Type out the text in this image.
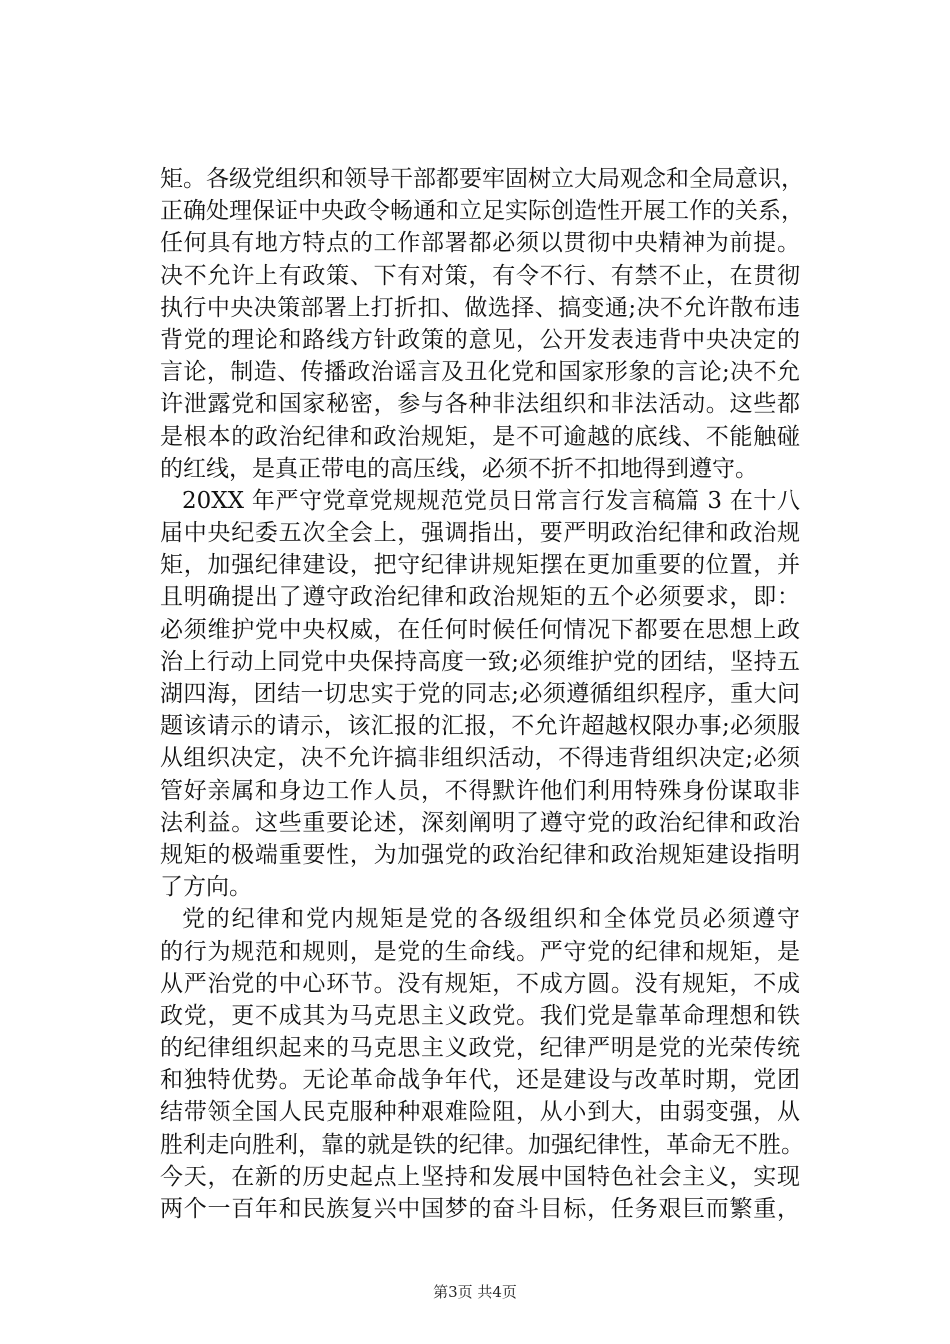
矩。各级党组织和领导干部都要牢固树立大局观念和全局意识，
正确处理保证中央政令畅通和立足实际创造性开展工作的关系，
任何具有地方特点的工作部署都必须以贯彻中央精神为前提。
决不允许上有政策、下有对策，有令不行、有禁不止，在贯彻
执行中央决策部署上打折扣、做选择、搞变通;决不允许散布违
背党的理论和路线方针政策的意见，公开发表违背中央决定的
言论，制造、传播政治谣言及丑化党和国家形象的言论;决不允
许泄露党和国家秘密，参与各种非法组织和非法活动。这些都
是根本的政治纪律和政治规矩，是不可逾越的底线、不能触碰
的红线，是真正带电的高压线，必须不折不扣地得到遵守。
20XX 年严守党章党规规范党员日常言行发言稿篇 3 在十八
届中央纪委五次全会上，强调指出，要严明政治纪律和政治规
矩，加强纪律建设，把守纪律讲规矩摆在更加重要的位置，并
且明确提出了遵守政治纪律和政治规矩的五个必须要求，即：
必须维护党中央权威，在任何时候任何情况下都要在思想上政
治上行动上同党中央保持高度一致;必须维护党的团结，坚持五
湖四海，团结一切忠实于党的同志;必须遵循组织程序，重大问
题该请示的请示，该汇报的汇报，不允许超越权限办事;必须服
从组织决定，决不允许搞非组织活动，不得违背组织决定;必须
管好亲属和身边工作人员，不得默许他们利用特殊身份谋取非
法利益。这些重要论述，深刻阐明了遵守党的政治纪律和政治
规矩的极端重要性，为加强党的政治纪律和政治规矩建设指明
了方向。
党的纪律和党内规矩是党的各级组织和全体党员必须遵守
的行为规范和规则，是党的生命线。严守党的纪律和规矩，是
从严治党的中心环节。没有规矩，不成方圆。没有规矩，不成
政党，更不成其为马克思主义政党。我们党是靠革命理想和铁
的纪律组织起来的马克思主义政党，纪律严明是党的光荣传统
和独特优势。无论革命战争年代，还是建设与改革时期，党团
结带领全国人民克服种种艰难险阻，从小到大，由弱变强，从
胜利走向胜利，靠的就是铁的纪律。加强纪律性，革命无不胜。
今天，在新的历史起点上坚持和发展中国特色社会主义，实现
两个一百年和民族复兴中国梦的奋斗目标，任务艰巨而繁重，
第3页 共4页
